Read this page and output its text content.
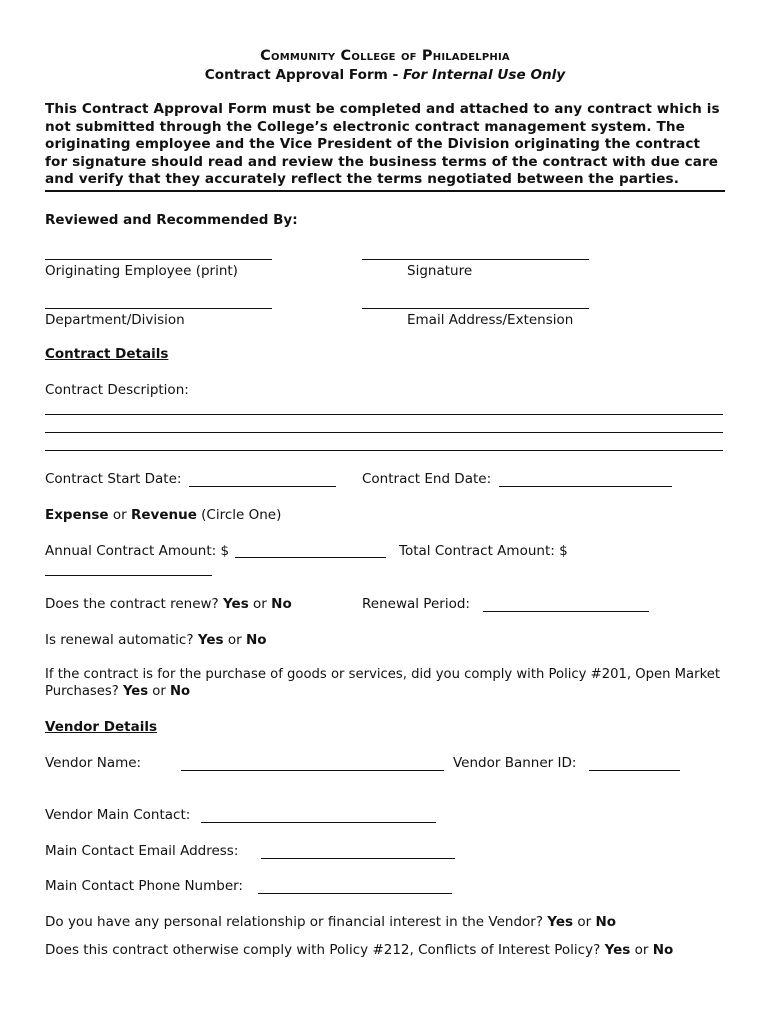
Community College of Philadelphia
Contract Approval Form - For Internal Use Only
This Contract Approval Form must be completed and attached to any contract which is not submitted through the College’s electronic contract management system. The originating employee and the Vice President of the Division originating the contract for signature should read and review the business terms of the contract with due care and verify that they accurately reflect the terms negotiated between the parties.
Reviewed and Recommended By:
Originating Employee (print)	Signature
Department/Division	Email Address/Extension
Contract Details
Contract Description:
Contract Start Date:	Contract End Date:
Expense or Revenue (Circle One)
Annual Contract Amount: $	Total Contract Amount: $
Does the contract renew? Yes or No	Renewal Period:
Is renewal automatic? Yes or No
If the contract is for the purchase of goods or services, did you comply with Policy #201, Open Market
Purchases? Yes or No
Vendor Details
Vendor Name:	Vendor Banner ID:
Vendor Main Contact:
Main Contact Email Address:
Main Contact Phone Number:
Do you have any personal relationship or financial interest in the Vendor? Yes or No
Does this contract otherwise comply with Policy #212, Conflicts of Interest Policy? Yes or No
